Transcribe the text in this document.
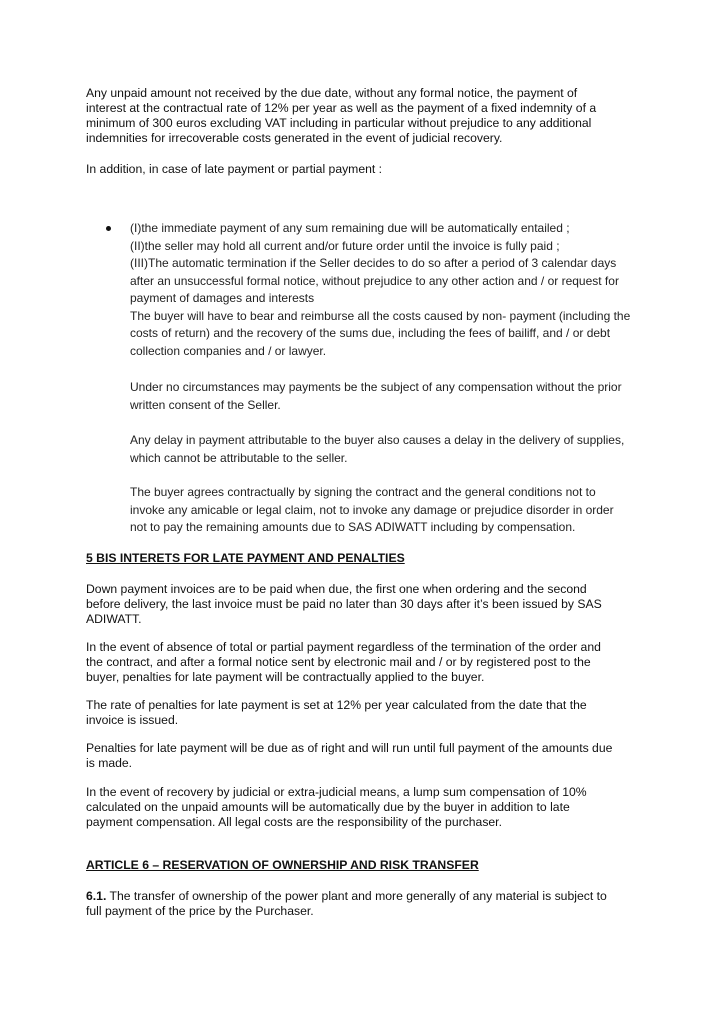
Any unpaid amount not received by the due date, without any formal notice, the payment of
interest at the contractual rate of 12% per year as well as the payment of a fixed indemnity of a
minimum of 300 euros excluding VAT including in particular without prejudice to any additional
indemnities for irrecoverable costs generated in the event of judicial recovery.

In addition, in case of late payment or partial payment :

(I)the immediate payment of any sum remaining due will be automatically entailed ;
(II)the seller may hold all current and/or future order until the invoice is fully paid ;
(III)The automatic termination if the Seller decides to do so after a period of 3 calendar days
after an unsuccessful formal notice, without prejudice to any other action and / or request for
payment of damages and interests
The buyer will have to bear and reimburse all the costs caused by non- payment (including the
costs of return) and the recovery of the sums due, including the fees of bailiff, and / or debt
collection companies and / or lawyer.

Under no circumstances may payments be the subject of any compensation without the prior
written consent of the Seller.

Any delay in payment attributable to the buyer also causes a delay in the delivery of supplies,
which cannot be attributable to the seller.

The buyer agrees contractually by signing the contract and the general conditions not to
invoke any amicable or legal claim, not to invoke any damage or prejudice disorder in order
not to pay the remaining amounts due to SAS ADIWATT including by compensation.

5 BIS INTERETS FOR LATE PAYMENT AND PENALTIES

Down payment invoices are to be paid when due, the first one when ordering and the second
before delivery, the last invoice must be paid no later than 30 days after it’s been issued by SAS
ADIWATT.

In the event of absence of total or partial payment regardless of the termination of the order and
the contract, and after a formal notice sent by electronic mail and / or by registered post to the
buyer, penalties for late payment will be contractually applied to the buyer.

The rate of penalties for late payment is set at 12% per year calculated from the date that the
invoice is issued.

Penalties for late payment will be due as of right and will run until full payment of the amounts due
is made.

In the event of recovery by judicial or extra-judicial means, a lump sum compensation of 10%
calculated on the unpaid amounts will be automatically due by the buyer in addition to late
payment compensation. All legal costs are the responsibility of the purchaser.

ARTICLE 6 – RESERVATION OF OWNERSHIP AND RISK TRANSFER

6.1. The transfer of ownership of the power plant and more generally of any material is subject to
full payment of the price by the Purchaser.
